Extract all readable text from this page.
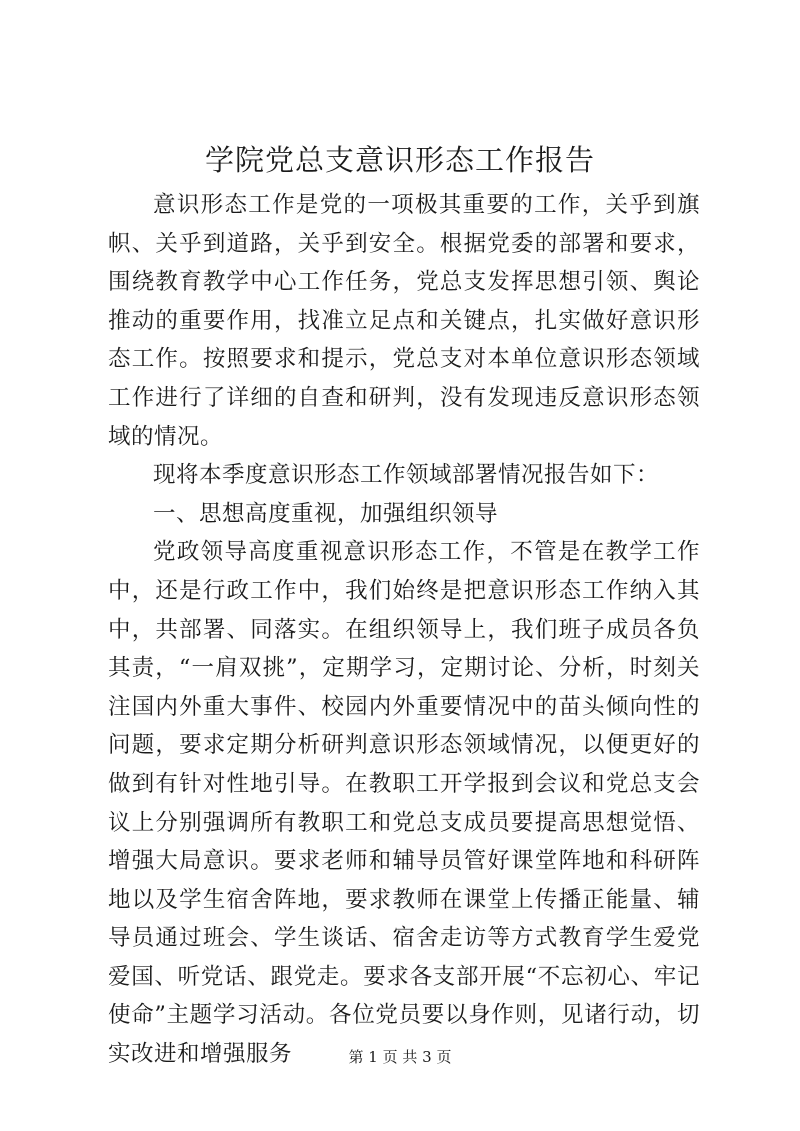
学院党总支意识形态工作报告

意识形态工作是党的一项极其重要的工作，关乎到旗帜、关乎到道路，关乎到安全。根据党委的部署和要求，围绕教育教学中心工作任务，党总支发挥思想引领、舆论推动的重要作用，找准立足点和关键点，扎实做好意识形态工作。按照要求和提示，党总支对本单位意识形态领域工作进行了详细的自查和研判，没有发现违反意识形态领域的情况。

现将本季度意识形态工作领域部署情况报告如下：

一、思想高度重视，加强组织领导

党政领导高度重视意识形态工作，不管是在教学工作中，还是行政工作中，我们始终是把意识形态工作纳入其中，共部署、同落实。在组织领导上，我们班子成员各负其责，“一肩双挑”，定期学习，定期讨论、分析，时刻关注国内外重大事件、校园内外重要情况中的苗头倾向性的问题，要求定期分析研判意识形态领域情况，以便更好的做到有针对性地引导。在教职工开学报到会议和党总支会议上分别强调所有教职工和党总支成员要提高思想觉悟、增强大局意识。要求老师和辅导员管好课堂阵地和科研阵地以及学生宿舍阵地，要求教师在课堂上传播正能量、辅导员通过班会、学生谈话、宿舍走访等方式教育学生爱党爱国、听党话、跟党走。要求各支部开展“不忘初心、牢记使命”主题学习活动。各位党员要以身作则，见诸行动，切实改进和增强服务	第 1 页 共 3 页
